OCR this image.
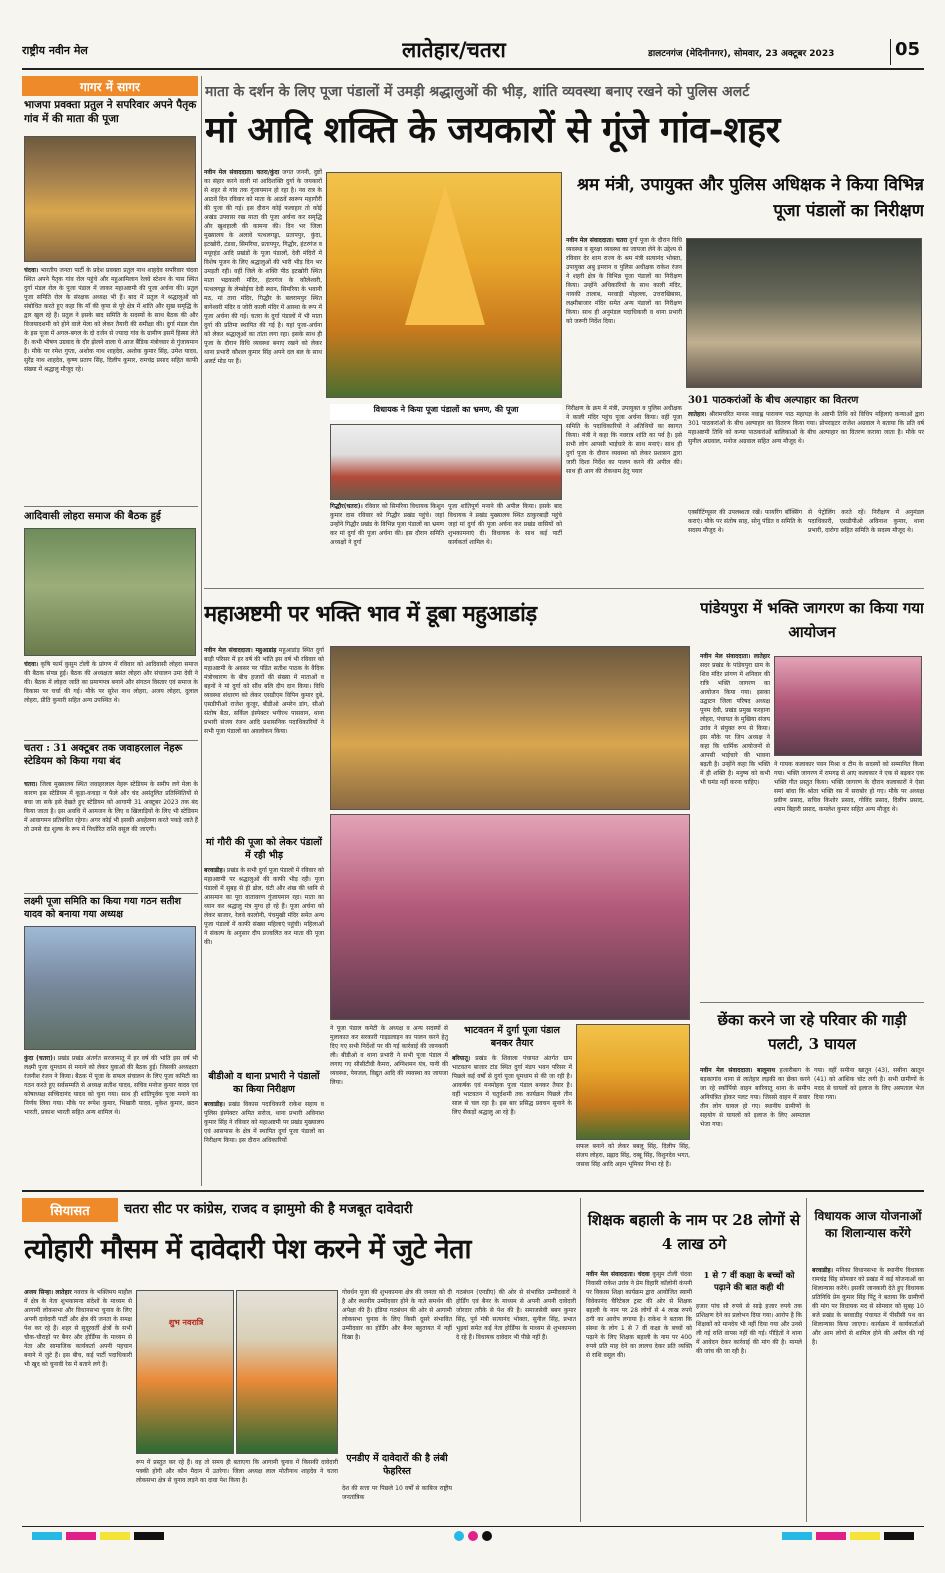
राष्ट्रीय नवीन मेल	लातेहार/चतरा	डालटनगंज (मेदिनीनगर), सोमवार, 23 अक्टूबर 2023	05
गागर में सागर
भाजपा प्रवक्ता प्रतुल ने सपरिवार अपने पैतृक गांव में की माता की पूजा
चंदवा। भारतीय जनता पार्टी के प्रदेश प्रवक्ता प्रतुल नाथ शाहदेव सपरिवार चंदवा स्थित अपने पैतृक गांव रोल पहुंचे और महुआमिलान रेलवे स्टेशन के पास स्थित दुर्गा मंडल रोल के पूजा पंडाल में जाकर महाअष्टमी की पूजा अर्चना की। प्रतुल पूजा समिति रोल के संरक्षक अध्यक्ष भी हैं। बाद में प्रतुल ने श्रद्धालुओं को संबोधित करते हुए कहा कि माँ की कृपा से पूरे क्षेत्र में शांति और सुख समृद्धि के द्वार खुल रहे हैं। प्रतुल ने इसके बाद समिति के सदस्यों के साथ बैठक की और विजयादशमी को होने वाले मेला को लेकर तैयारी की समीक्षा की। दुर्गा मंडल रोल के इस पूजा में अगल-बगल के दो दर्जन से ज्यादा गांव के ग्रामीण इसमें हिस्सा लेते हैं। कभी भीषण उग्रवाद के दौर झेलने वाला ये आज बैंडिक मंत्रोच्चार से गुंजायमान है। मौके पर रमेश गुप्ता, अशोक नाथ शाहदेव, अशोक कुमार सिंह, उमेश यादव, सुरेंद्र नाथ शाहदेव, कृष्ण प्रताप सिंह, दिलीप कुमार, रामचंद्र प्रसाद सहित काफी संख्या में श्रद्धालु मौजूद रहे।
आदिवासी लोहरा समाज की बैठक हुई
चंदवा। कृषि फार्म कुसुम टोली के प्रांगण में रविवार को आदिवासी लोहरा समाज की बैठक संपन्न हुई। बैठक की अध्यक्षता बसंत लोहरा और संचालन उमा देवी ने की। बैठक में लोहरा जाति का प्रमाणपत्र बनाने और संगठन विस्तार एवं समाज के विकास पर चर्चा की गई। मौके पर सुरेश नाथ लोहरा, अजय लोहरा, दुलाल लोहरा, प्रीति कुमारी सहित अन्य उपस्थित थे।
चतरा : 31 अक्टूबर तक जवाहरलाल नेहरू स्टेडियम को किया गया बंद
चतरा। जिला मुख्यालय स्थित जवाहरलाल नेहरू स्टेडियम के समीप लगे मेला के कारण इस स्टेडियम में कूड़ा-कचड़ा न फैले और चंद असंतुलित प्रतिस्थितियों से बचा जा सके इसे देखते हुए स्टेडियम को आगामी 31 अक्टूबर 2023 तक बंद किया जाता है। इस अवधि में आमजन के लिए व खिलाड़ियों के लिए भी स्टेडियम में आवागमन प्रतिबंधित रहेगा। अगर कोई भी इसकी अवहेलना करते पकड़े जाते हैं तो उनसे दंड शुल्क के रूप में निर्धारित राशि वसूल की जाएगी।
लक्ष्मी पूजा समिति का किया गया गठन सतीश यादव को बनाया गया अध्यक्ष
कुंदा (चतरा)। प्रखंड प्रखंड अंतर्गत सरजामातू में हर वर्ष की भांति इस वर्ष भी लक्ष्मी पूजा धूमधाम से मनाने को लेकर युवाओं की बैठक हुई। जिसकी अध्यक्षता रंजनीश रंजन ने किया। बैठक में पूजा के सफल संचालन के लिए पूजा कमिटी का गठन करते हुए सर्वसम्मति से अध्यक्ष सतीश यादव, सचिव मनोज कुमार यादव एवं कोषाध्यक्ष सच्चिदानंद यादव को चुना गया। साथ ही शांतिपूर्वक पूजा मनाने का निर्णय लिया गया। मौके पर रूपेश कुमार, भिखारी यादव, मुकेश कुमार, छठन भारती, प्रकाश भारती सहित अन्य शामिल थे।
माता के दर्शन के लिए पूजा पंडालों में उमड़ी श्रद्धालुओं की भीड़, शांति व्यवस्था बनाए रखने को पुलिस अलर्ट
मां आदि शक्ति के जयकारों से गूंजे गांव-शहर
नवीन मेल संवाददाता। चतरा/कुंदा जगत जननी, दुष्टों का संहार करने वाली मां आदिशक्ति दुर्गा के जयकारों से शहर से गांव तक गुंजायमान हो रहा है। नव रात्र के आठवें दिन रविवार को माता के आठवें स्वरूप महागौरी की पूजा की गई। इस दौरान कोई फलाहार तो कोई अखंड उपवास रख माता की पूजा अर्चना कर समृद्धि और खुशहाली की कामना की। दिन भर जिला मुख्यालय के अलावे पत्थलगड्डा, प्रतापपुर, कुंदा, इटखोरी, टंडवा, सिमरिया, प्रतापपुर, गिद्धौर, हंटरगंज व मयूरहंड आदि प्रखंडों के पूजा पंडालों, देवी मंदिरों में विशेष पूजन के लिए श्रद्धालुओं की भारी भीड़ दिन भर उमड़ती रही। वहीं जिले के शक्ति पीठ इटखोरी स्थित माता भद्रकाली मंदिर, हंटरगंज के कौलेश्वरी, पत्थलगड्डा के लेम्बोईया देवी स्थान, सिमरिया के भवानी मठ, मां तारा मंदिर, गिद्धौर के बलरामपुर स्थित बागेश्वरी मंदिर व जोरी काली मंदिर में आस्था के रूप में पूजा अर्चना की गई। चतरा के दुर्गा पंडालों में भी माता दुर्गा की प्रतिमा स्थापित की गई है। यहां पूजा-अर्चना को लेकर श्रद्धालुओं का तांता लगा रहा। इसके साथ ही पूजा के दौरान विधि व्यवस्था बनाए रखने को लेकर थाना प्रभारी कौशल कुमार सिंह अपने दल बल के साथ अलर्ट मोड पर हैं।
विधायक ने किया पूजा पंडालों का भ्रमण, की पूजा
गिद्धौर(चतरा)। रविवार को सिमरिया विधायक किशुन कुमार दास रविवार को गिद्धौर प्रखंड पहुंचे। जहां उन्होंने गिद्धौर प्रखंड के विभिन्न पूजा पंडालों का भ्रमण कर मां दुर्गा की पूजा अर्चना की। इस दौरान समिति अध्यक्षों ने दुर्गा
पूजा शांतिपूर्ण मनाने की अपील किया। इसके बाद विधायक ने प्रखंड मुख्यालय स्थित ठाकुरबाड़ी पहुंचे जहां मां दुर्गा की पूजा अर्चना कर प्रखंड वासियों को शुभकामनाएं दी। विधायक के साथ कई पार्टी कार्यकर्ता शामिल थे।
श्रम मंत्री, उपायुक्त और पुलिस अधिक्षक ने किया विभिन्न पूजा पंडालों का निरीक्षण
नवीन मेल संवाददाता। चतरा दुर्गा पूजा के दौरान विधि व्यवस्था व सुरक्षा व्यवस्था का जायजा लेने के उद्देश्य से रविवार देर शाम राज्य के श्रम मंत्री सत्यानंद भोक्ता, उपायुक्त अबु इमरान व पुलिस अधीक्षक राकेश रंजन ने शहरी क्षेत्र के विभिन्न पूजा पंडालों का निरीक्षण किया। उन्होंने अधिकारियों के साथ काली मंदिर, नायकी तालाब, मरवाड़ी मोहल्ला, उत्तराखिबास, लक्ष्मीबाजार मंदिर समेत अन्य पंडालों का निरीक्षण किया। साथ ही अनुमंडल पदाधिकारी व थाना प्रभारी को जरूरी निर्देश दिया।
निरीक्षण के क्रम में मंत्री, उपायुक्त व पुलिस अधीक्षक ने काली मंदिर पहुंच पूजा अर्चना किया। वहीं पूजा समिति के पदाधिकारियों ने अतिथियों का स्वागत किया। मंत्री ने कहा कि नवरात्र शांति का पर्व है। इसे सभी लोग आपसी भाईचारे के साथ मनाएं। साथ ही दुर्गा पूजा के दौरान व्यवस्था को लेकर प्रशासन द्वारा जारी दिशा निर्देश का पालन करने की अपील की। साथ ही आग की रोकथाम हेतु पयार
301 पाठकरांओं के बीच अल्पाहार का वितरण
लातेहार। श्रीरामचरित मानस नवाह्न पारायण पाठ महायज्ञ के अष्टमी तिथि को विधिप महिलाएं कन्याओं द्वारा 301 पाठकरांओं के बीच अल्पाहार का वितरण किया गया। प्रोपराइटर राजेश अग्रवाल ने बताया कि प्रति वर्ष महाअष्टमी तिथि को कन्या पाठकरांओं बालिकाओं के बीच अल्पाहार का वितरण कराया जाता है। मौके पर सुनील अग्रवाल, मनोज अग्रवाल सहित अन्य मौजूद थे।
एक्सीटिंग्यूसर की उपलब्धता रखें। फायरिंग बॉक्सिंग कराएं। मौके पर संतोष साह, सोनू पंडित व समिति के सदस्य मौजूद थे।
से पेट्रोलिंग करते रहें। निरीक्षण में अनुमंडल पदाधिकारी, एसडीपीओ अविनाश कुमार, थाना प्रभारी, दारोगा सहित समिति के सदस्य मौजूद थे।
महाअष्टमी पर भक्ति भाव में डूबा महुआडांड़
नवीन मेल संवाददाता। महुआडांड़ महुआडांड़ स्थित दुर्गा बाड़ी परिसर में हर वर्ष की भांति इस वर्ष भी रविवार को महाअष्टमी के अवसर पर पंडित सतीश पाठक के वैदिक मंत्रोच्चारण के बीच हजारों की संख्या में माताओं व बहनों ने मां दुर्गा को सौंध बलि दीप दान किया। विधि व्यवस्था संधारण को लेकर एसडीएम विपिन कुमार दुबे, एसडीपीओ राजेश कुजूर, बीडीओ अमरेन डांग, सीओ संतोष बैठा, सर्किल इंस्पेक्टर भगीरथ पासवान, थाना प्रभारी संजय रंजन आदि प्रशासनिक पदाधिकारियों ने सभी पूजा पंडालों का अवलोकन किया।
मां गौरी की पूजा को लेकर पंडालों में रही भीड़
बरवाडीह। प्रखंड के सभी दुर्गा पूजा पंडालों में रविवार को महाअष्टमी पर श्रद्धालुओं की काफी भीड़ रही। पूजा पंडालों में सुबह से ही ढोल, घंटी और शंख की ध्वनि से आसमान का पूरा वातावरण गुंजायमान रहा। माता का ध्यान कर श्रद्धालु मंत्र मुग्ध हो रहे हैं। पूजा अर्चना को लेकर बाजार, रेलवे कालोनी, पंचमुखी मंदिर समेत अन्य पूजा पंडालों में काफी संख्या महिलाएं पहुंची। महिलाओं ने संकल्प के अनुसार दीप प्रज्वलित कर माता की पूजा की।
बीडीओ व थाना प्रभारी ने पंडालों का किया निरीक्षण
बरवाडीह। प्रखंड विकास पदाधिकारी राकेश सहाय व पुलिस इंस्पेक्टर अमित सरोज, थाना प्रभारी अविनाश कुमार सिंह ने रविवार को महाअष्टमी पर प्रखंड मुख्यालय एवं आसपास के क्षेत्र में स्थापित दुर्गा पूजा पंडालों का निरीक्षण किया। इस दौरान अधिकारियों
ने पूजा पंडाल कमेटी के अध्यक्ष व अन्य सदस्यों से मुलाकात कर सरकारी गाइडलाइन का पालन करने हेतु दिए गए सभी निर्देशों पर की गई कार्रवाई की जानकारी ली। बीडीओ व थाना प्रभारी ने सभी पूजा पंडाल में लगाए गए सीसीटीवी कैमरा, अग्निशमन यंत्र, पानी की व्यवस्था, पेयजल, विद्युत आदि की व्यवस्था का जायजा लिया।
भाटवतन में दुर्गा पूजा पंडाल बनकर तैयार
बरियातू। प्रखंड के शिवाला पंचायत अंतर्गत ग्राम भाटवतन बाजार टांड स्थित दुर्गा मंडप भवन परिसर में पिछले कई वर्षों से दुर्गा पूजा धूमधाम से की जा रही है। आकर्षक एवं मनमोहक पूजा पंडाल बनकर तैयार है। वहीं भाटवतन में चतुर्दशमी तक कार्यक्रम पिछले तीन साल से चल रहा है। इस बार प्रसिद्ध प्रवचन सुनाने के लिए सैकड़ों श्रद्धालु आ रहे हैं।
सफल बनाने को लेकर बबलू सिंह, दिलीप सिंह, संजय लोहरा, प्रह्लाद सिंह, दब्बू सिंह, विशुनदेव भगत, जसवा सिंह आदि अहम भूमिका निभा रहे हैं।
पांडेयपुरा में भक्ति जागरण का किया गया आयोजन
नवीन मेल संवाददाता। लातेहार सदर प्रखंड के पांडेयपुरा ग्राम के शिव मंदिर प्रांगण में शनिवार की रात्रि भक्ति जागरण का आयोजन किया गया। इसका उद्घाटन जिला परिषद अध्यक्ष पूनम देवी, प्रखंड प्रमुख फरहाना लोहरा, पंचायत के मुखिया संजय उरांव ने संयुक्त रूप से किया। इस मौके पर जिप अध्यक्ष ने कहा कि धार्मिक आयोजनों से आपसी भाईचारे की भावना बढ़ती है। उन्होंने कहा कि भक्ति में ही शक्ति है। मनुष्य को कभी भी घमंड नहीं करना चाहिए।
ने गायक कलाकार पवन मिश्रा व टीम के सदस्यों को सम्मानित किया गया। भक्ति जागरण में रामगढ़ से आए कलाकार ने एक से बढ़कर एक भक्ति गीत प्रस्तुत किया। भक्ति जागरण के दौरान कलाकारों ने ऐसा समां बांधा कि श्रोता भक्ति रस में सराबोर हो गए। मौके पर अध्यक्ष प्रवीण प्रसाद, सचिव किशोर प्रसाद, गोविंद प्रसाद, दिलीप प्रसाद, श्याम बिहारी प्रसाद, कमलेश कुमार सहित अन्य मौजूद थे।
छेंका करने जा रहे परिवार की गाड़ी पलटी, 3 घायल
नवीन मेल संवाददाता। बालूमाथ हजारीबाग के बड़कागांव थाना से लातेहार लड़की का छेंका करने जा रहे स्कॉर्पियो वाहन बारियातू थाना के समीप अनियंत्रित होकर पलट गया। जिससे वाहन में सवार तीन लोग घायल हो गए। स्थानीय ग्रामीणों के सहयोग से घायलों को इलाज के लिए अस्पताल भेजा गया।
गया। वहीं समीना खातून (43), सबीना खातून (41) को आंशिक चोट लगी है। सभी ग्रामीणों के मदद से घायलों को इलाज के लिए अस्पताल भेज दिया गया।
सियासत	चतरा सीट पर कांग्रेस, राजद व झामुमो की है मजबूत दावेदारी
त्योहारी मौसम में दावेदारी पेश करने में जुटे नेता
अजय सिन्हा। लातेहार नवरात्र के भक्तिमय माहौल में क्षेत्र के नेता शुभकामना संदेशों के माध्यम से आगामी लोकसभा और विधानसभा चुनाव के लिए अपनी दावेदारी पार्टी और क्षेत्र की जनता के समक्ष पेश कर रहे हैं। शहर से सुदूरवर्ती क्षेत्रों के सभी चौक-चौराहों पर बैनर और होर्डिंग्स के माध्यम से नेता और सामाजिक कार्यकर्ता अपनी पहचान बनाने में जुटे हैं। इस बीच, कई पार्टी पदाधिकारी भी खुद को चुनावी रेस में बताने लगे हैं।
शुभ नवरात्रि
रूप में प्रस्तुत कर रहे हैं। वह तो समय ही बताएगा कि आगामी चुनाव में किसकी दावेदारी पक्की होगी और कौन मैदान में उतरेगा। जिला अध्यक्ष लाल मोतीनाथ शाहदेव ने चतरा लोकसभा क्षेत्र से चुनाव लड़ने का दावा पेश किया है।
गोवर्धन पूजा की शुभकामना क्षेत्र की जनता को दी है और स्थानीय उम्मीदवार होने के नाते समर्थन की अपेक्षा की है। इंडिया गठबंधन की ओर से आगामी लोकसभा चुनाव के लिए किसी दूसरे संभावित उम्मीदवार का होर्डिंग और बैनर बहुतायत में नहीं दिखा है।
एनडीए में दावेदारों की है लंबी फेहरिस्त
देश की सत्ता पर पिछले 10 वर्षों से काबिज राष्ट्रीय जनतांत्रिक
गठबंधन (एनडीए) की ओर से संभावित उम्मीदवारों ने होर्डिंग एवं बैनर के माध्यम से अपनी अपनी दावेदारी जोरदार तरीके से पेश की है। समाजसेवी बबन कुमार सिंह, पूर्व मंत्री सत्यानंद भोक्ता, सुनील सिंह, प्रभात भुइयां समेत कई नेता होर्डिंग्स के माध्यम से शुभकामना दे रहे हैं। विधायक दावेदार भी पीछे नहीं हैं।
शिक्षक बहाली के नाम पर 28 लोगों से 4 लाख ठगे
नवीन मेल संवाददाता। चंदवा कुसुम टोली चंदवा निवासी राकेश उरांव ने प्रेम विहारि कॉलोनी कंपनी पर विकास शिक्षा कार्यक्रम द्वारा आयोजित स्वामी विवेकानंद चैरिटेबल ट्रस्ट की ओर से शिक्षक बहाली के नाम पर 28 लोगों से 4 लाख रुपये ठगी का आरोप लगाया है। राकेश ने बताया कि संस्था के लोग 1 से 7 वीं कक्षा के बच्चों को पढ़ाने के लिए शिक्षक बहाली के नाम पर 400 रुपये प्रति माह देने का लालच देकर प्रति व्यक्ति से राशि वसूल की।
1 से 7 वीं कक्षा के बच्चों को पढ़ाने की बात कही थी
हजार पांच सौ रुपये से साढ़े हजार रुपये तक प्रशिक्षण देने का प्रलोभन दिया गया। आरोप है कि शिक्षकों को मानदेय भी नहीं दिया गया और उनसे ली गई राशि वापस नहीं की गई। पीड़ितों ने थाना में आवेदन देकर कार्रवाई की मांग की है। मामले की जांच की जा रही है।
विधायक आज योजनाओं का शिलान्यास करेंगे
बरवाडीह। मनिका विधानसभा के स्थानीय विधायक रामचंद्र सिंह सोमवार को प्रखंड में कई योजनाओं का शिलान्यास करेंगे। इसकी जानकारी देते हुए विधायक प्रतिनिधि प्रेम कुमार सिंह पिंटू ने बताया कि ग्रामीणों की मांग पर विधायक मद से सोमवार को सुबह 10 बजे प्रखंड के बरवाडीह पंचायत में पीसीसी पथ का शिलान्यास किया जाएगा। कार्यक्रम में कार्यकर्ताओं और आम लोगों से शामिल होने की अपील की गई है।
